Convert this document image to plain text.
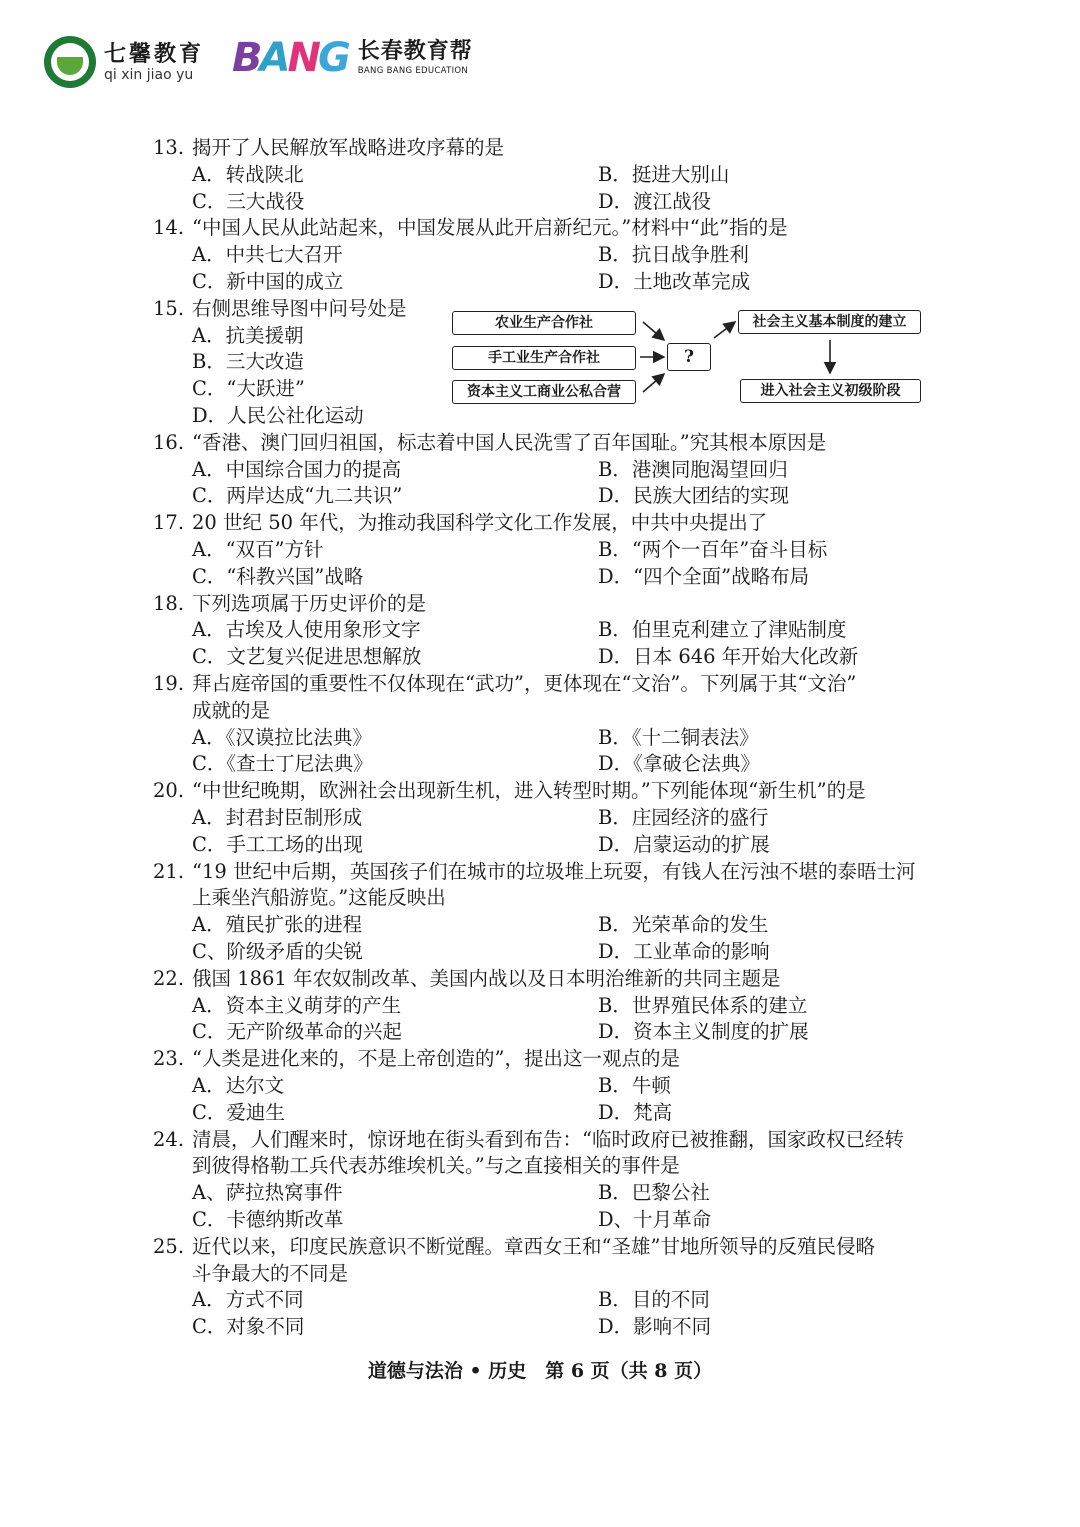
七馨教育
qi xin jiao yu BANG 长春教育帮
BANG BANG EDUCATION
13. 揭开了人民解放军战略进攻序幕的是
A．转战陕北	B．挺进大别山
C．三大战役	D．渡江战役
14. “中国人民从此站起来，中国发展从此开启新纪元。”材料中“此”指的是
A．中共七大召开	B．抗日战争胜利
C．新中国的成立	D．土地改革完成
15. 右侧思维导图中问号处是
A．抗美援朝
B．三大改造
C．“大跃进”
D．人民公社化运动
16. “香港、澳门回归祖国，标志着中国人民洗雪了百年国耻。”究其根本原因是
A．中国综合国力的提高	B．港澳同胞渴望回归
C．两岸达成“九二共识”	D．民族大团结的实现
17. 20 世纪 50 年代，为推动我国科学文化工作发展，中共中央提出了
A．“双百”方针	B．“两个一百年”奋斗目标
C．“科教兴国”战略	D．“四个全面”战略布局
18. 下列选项属于历史评价的是
A．古埃及人使用象形文字	B．伯里克利建立了津贴制度
C．文艺复兴促进思想解放	D．日本 646 年开始大化改新
19. 拜占庭帝国的重要性不仅体现在“武功”，更体现在“文治”。下列属于其“文治”
成就的是
A．《汉谟拉比法典》	B．《十二铜表法》
C．《查士丁尼法典》	D．《拿破仑法典》
20. “中世纪晚期，欧洲社会出现新生机，进入转型时期。”下列能体现“新生机”的是
A．封君封臣制形成	B．庄园经济的盛行
C．手工工场的出现	D．启蒙运动的扩展
21. “19 世纪中后期，英国孩子们在城市的垃圾堆上玩耍，有钱人在污浊不堪的泰晤士河
上乘坐汽船游览。”这能反映出
A．殖民扩张的进程	B．光荣革命的发生
C、阶级矛盾的尖锐	D．工业革命的影响
22. 俄国 1861 年农奴制改革、美国内战以及日本明治维新的共同主题是
A．资本主义萌芽的产生	B．世界殖民体系的建立
C．无产阶级革命的兴起	D．资本主义制度的扩展
23. “人类是进化来的，不是上帝创造的”，提出这一观点的是
A．达尔文	B．牛顿
C．爱迪生	D．梵高
24. 清晨，人们醒来时，惊讶地在街头看到布告：“临时政府已被推翻，国家政权已经转
到彼得格勒工兵代表苏维埃机关。”与之直接相关的事件是
A、萨拉热窝事件	B．巴黎公社
C．卡德纳斯改革	D、十月革命
25. 近代以来，印度民族意识不断觉醒。章西女王和“圣雄”甘地所领导的反殖民侵略
斗争最大的不同是
A．方式不同	B．目的不同
C．对象不同	D．影响不同
农业生产合作社
手工业生产合作社
资本主义工商业公私合营
?
社会主义基本制度的建立
进入社会主义初级阶段
道德与法治 • 历史　第 6 页（共 8 页）
